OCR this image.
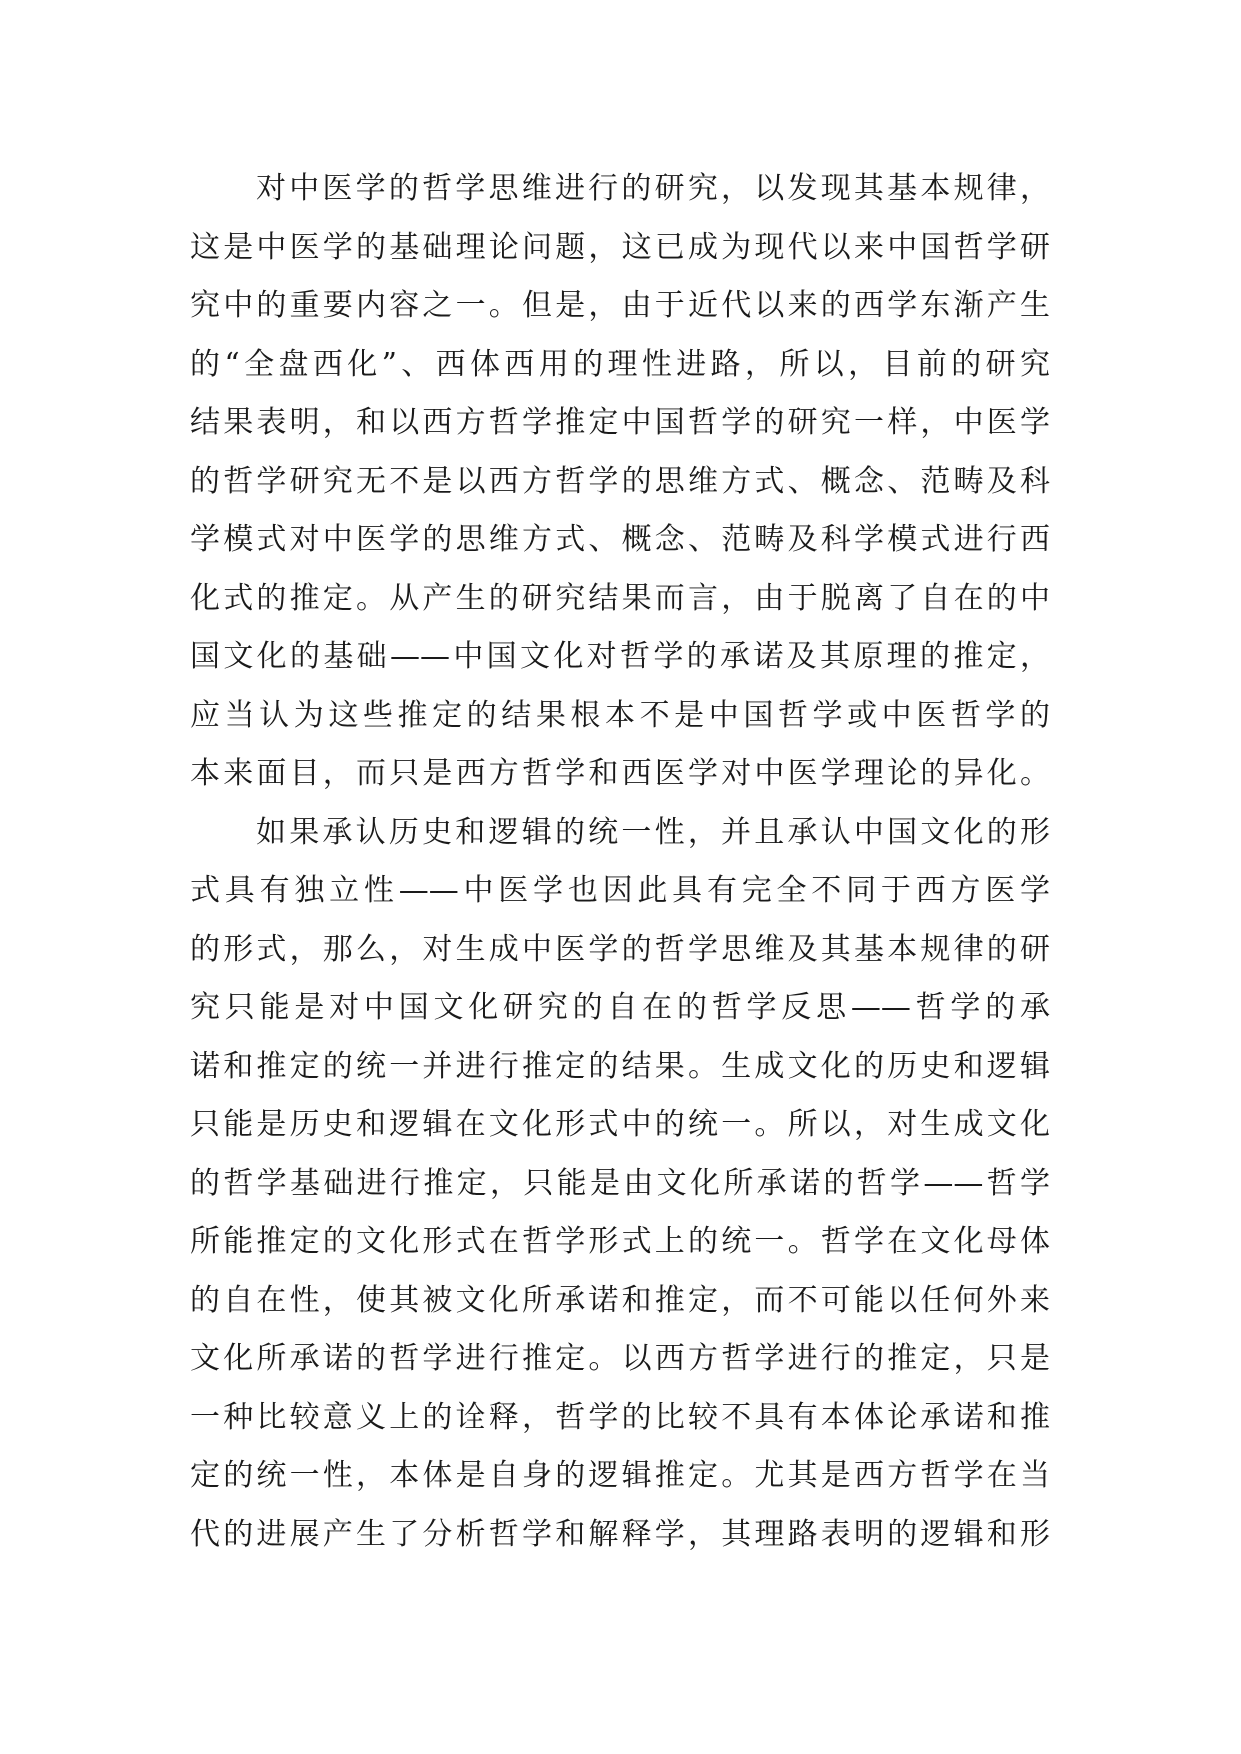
对中医学的哲学思维进行的研究，以发现其基本规律，
这是中医学的基础理论问题，这已成为现代以来中国哲学研
究中的重要内容之一。但是，由于近代以来的西学东渐产生
的“全盘西化”、西体西用的理性进路，所以，目前的研究
结果表明，和以西方哲学推定中国哲学的研究一样，中医学
的哲学研究无不是以西方哲学的思维方式、概念、范畴及科
学模式对中医学的思维方式、概念、范畴及科学模式进行西
化式的推定。从产生的研究结果而言，由于脱离了自在的中
国文化的基础——中国文化对哲学的承诺及其原理的推定，
应当认为这些推定的结果根本不是中国哲学或中医哲学的
本来面目，而只是西方哲学和西医学对中医学理论的异化。
如果承认历史和逻辑的统一性，并且承认中国文化的形
式具有独立性——中医学也因此具有完全不同于西方医学
的形式，那么，对生成中医学的哲学思维及其基本规律的研
究只能是对中国文化研究的自在的哲学反思——哲学的承
诺和推定的统一并进行推定的结果。生成文化的历史和逻辑
只能是历史和逻辑在文化形式中的统一。所以，对生成文化
的哲学基础进行推定，只能是由文化所承诺的哲学——哲学
所能推定的文化形式在哲学形式上的统一。哲学在文化母体
的自在性，使其被文化所承诺和推定，而不可能以任何外来
文化所承诺的哲学进行推定。以西方哲学进行的推定，只是
一种比较意义上的诠释，哲学的比较不具有本体论承诺和推
定的统一性，本体是自身的逻辑推定。尤其是西方哲学在当
代的进展产生了分析哲学和解释学，其理路表明的逻辑和形
